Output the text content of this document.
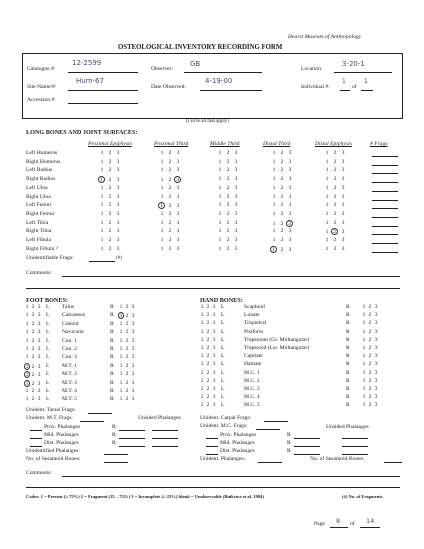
Hearst Museum of Anthropology
OSTEOLOGICAL INVENTORY RECORDING FORM
Catalogue #:
12-2599
Observer:
GB
Location:
3-20-1
Site Name/#:
Hum-67
Date Observed:
4-19-00
Individual #:
1
of
1
Accession #:
(Circle all that apply)
LONG BONES AND JOINT SURFACES:
Proximal Epiphysis	Proximal Third	Middle Third	Distal Third	Distal Epiphysis	# Frags
Left Humerus	1 2 3	1 2 3	1 2 3	1 2 3	1 2 3
Right Humerus	1 2 3	1 2 3	1 2 3	1 2 3	1 2 3
Left Radius	1 2 3	1 2 3	1 2 3	1 2 3	1 2 3
Right Radius	1 2 3	1 2 3	1 2 3	1 2 3	1 2 3
Left Ulna	1 2 3	1 2 3	1 2 3	1 2 3	1 2 3
Right Ulna	1 2 3	1 2 3	1 2 3	1 2 3	1 2 3
Left Femur	1 2 3	1 2 3	1 2 3	1 2 3	1 2 3
Right Femur	1 2 3	1 2 3	1 2 3	1 2 3	1 2 3
Left Tibia	1 2 3	1 2 3	1 2 3	1 2 3	1 2 3
Right Tibia	1 2 3	1 2 3	1 2 3	1 2 3	1 2 3
Left Fibula	1 2 3	1 2 3	1 2 3	1 2 3	1 2 3
Right Fibula ?	1 2 3	1 2 3	1 2 3	1 2 3	1 2 3
Unidentifiable Frags:	(#)
Comments:
FOOT BONES:
1 2 3 L Talus	R 1 2 3
1 2 3 L Calcaneus	R 1 2 3
1 2 3 L Cuboid	R 1 2 3
1 2 3 L Navicular	R 1 2 3
1 2 3 L Cun. 1	R 1 2 3
1 2 3 L Cun. 2	R 1 2 3
1 2 3 L Cun. 3	R 1 2 3
1 2 3 L M.T. 1	R 1 2 3
1 2 3 L M.T. 2	R 1 2 3
1 2 3 L M.T. 3	R 1 2 3
1 2 3 L M.T. 4	R 1 2 3
1 2 3 L M.T. 5	R 1 2 3
HAND BONES:
1 2 3 L	Scaphoid	R 1 2 3
1 2 3 L	Lunate	R 1 2 3
1 2 3 L	Triquetral	R 1 2 3
1 2 3 L	Pisiform	R 1 2 3
1 2 3 L	Trapezium (Gr. Multangular)	R 1 2 3
1 2 3 L	Trapezoid (Lsr. Multangular)	R 1 2 3
1 2 3 L	Capitate	R 1 2 3
1 2 3 L	Hamate	R 1 2 3
1 2 3 L	M.C. 1	R 1 2 3
1 2 3 L	M.C. 2	R 1 2 3
1 2 3 L	M.C. 3	R 1 2 3
1 2 3 L	M.C. 4	R 1 2 3
1 2 3 L	M.C. 5	R 1 2 3
Unident. Tarsal Frags:
Unident. M.T. Frags:	Unsided Phalanges
Prox. Phalanges	R
Mid. Phalanges	R
Dist. Phalanges	R
Unidentified Phalanges:
No. of Sesamoid Bones:
Unident. Carpal Frags:
Unident. M.C. Frags:	Unsided Phalanges
Prox. Phalanges	R
Mid. Phalanges	R
Dist. Phalanges	R
Unident. Phalanges:	No. of Sesamoid Bones:
Comments:
Codes: 1 = Present (≥ 75%) 2 = Fragment (25 – 75%) 3 = Incomplete (≤ 25%) blank = Unobservable (Buikstra et al. 1994)	(#) No. of Fragments
Page 8 of 14
